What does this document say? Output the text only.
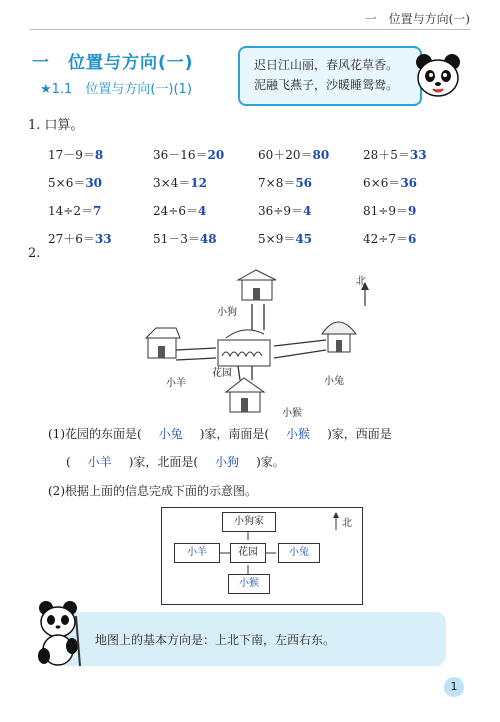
一　位置与方向(一)
一　位置与方向(一)
★1.1　位置与方向(一)(1)
迟日江山丽，春风花草香。
泥融飞燕子，沙暖睡鸳鸯。
1. 口算。
17－9＝8	36－16＝20	60＋20＝80	28＋5＝33
5×6＝30	3×4＝12	7×8＝56	6×6＝36
14÷2＝7	24÷6＝4	36÷9＝4	81÷9＝9
27＋6＝33	51－3＝48	5×9＝45	42÷7＝6
2.
北
小狗
花园
小羊	小兔
小猴
(1)花园的东面是( 小兔 )家，南面是( 小猴 )家，西面是
( 小羊 )家，北面是( 小狗 )家。
(2)根据上面的信息完成下面的示意图。
小狗家
小羊	花园	小兔
小猴
北
地图上的基本方向是：上北下南，左西右东。
1
